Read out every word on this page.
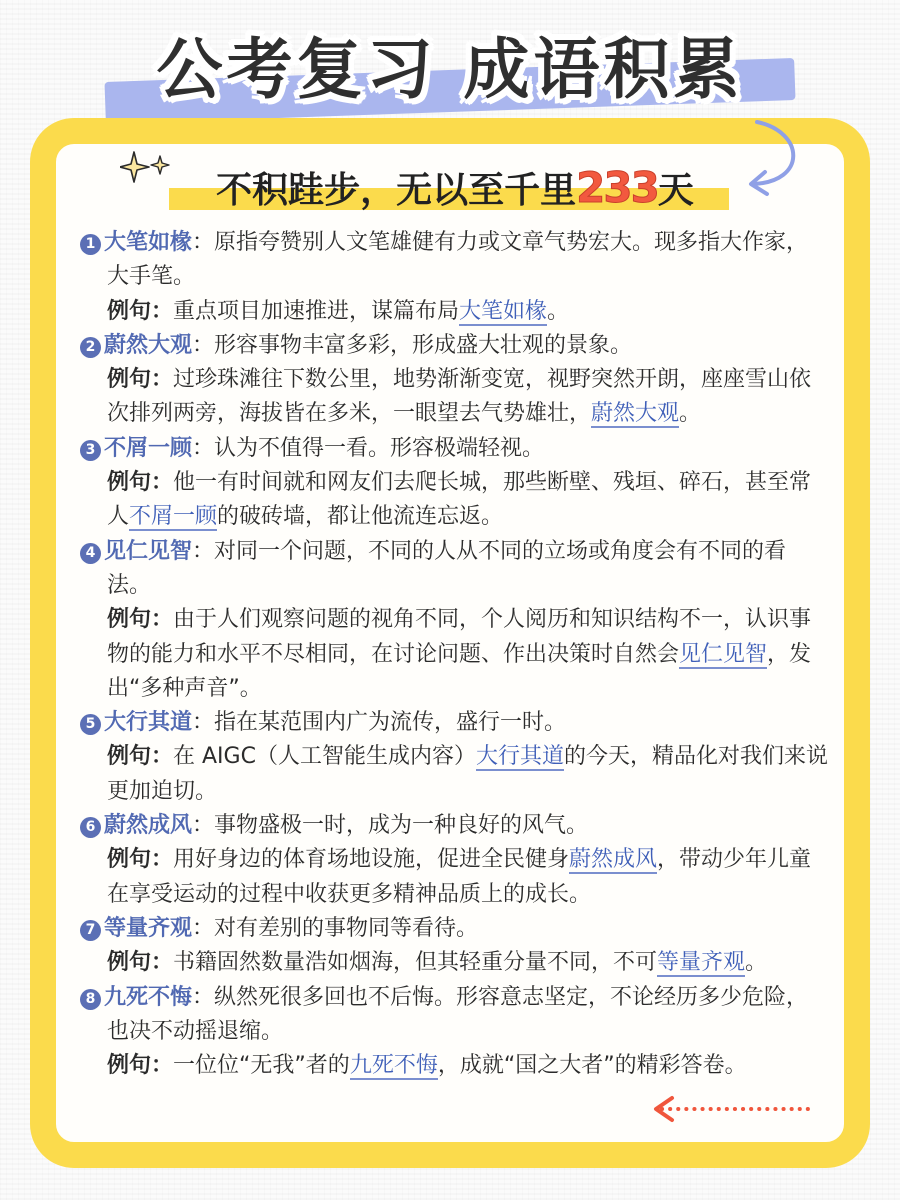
公考复习 成语积累
不积跬步，无以至千里233天

1 大笔如椽：原指夸赞别人文笔雄健有力或文章气势宏大。现多指大作家，大手笔。

例句：重点项目加速推进，谋篇布局大笔如椽。

2 蔚然大观：形容事物丰富多彩，形成盛大壮观的景象。

例句：过珍珠滩往下数公里，地势渐渐变宽，视野突然开朗，座座雪山依次排列两旁，海拔皆在多米，一眼望去气势雄壮，蔚然大观。

3 不屑一顾：认为不值得一看。形容极端轻视。

例句：他一有时间就和网友们去爬长城，那些断壁、残垣、碎石，甚至常人不屑一顾的破砖墙，都让他流连忘返。

4 见仁见智：对同一个问题，不同的人从不同的立场或角度会有不同的看法。

例句：由于人们观察问题的视角不同，个人阅历和知识结构不一，认识事物的能力和水平不尽相同，在讨论问题、作出决策时自然会见仁见智，发出“多种声音”。

5 大行其道：指在某范围内广为流传，盛行一时。

例句：在 AIGC（人工智能生成内容）大行其道的今天，精品化对我们来说更加迫切。

6 蔚然成风：事物盛极一时，成为一种良好的风气。

例句：用好身边的体育场地设施，促进全民健身蔚然成风，带动少年儿童在享受运动的过程中收获更多精神品质上的成长。

7 等量齐观：对有差别的事物同等看待。

例句：书籍固然数量浩如烟海，但其轻重分量不同，不可等量齐观。

8 九死不悔：纵然死很多回也不后悔。形容意志坚定，不论经历多少危险，也决不动摇退缩。

例句：一位位“无我”者的九死不悔，成就“国之大者”的精彩答卷。
